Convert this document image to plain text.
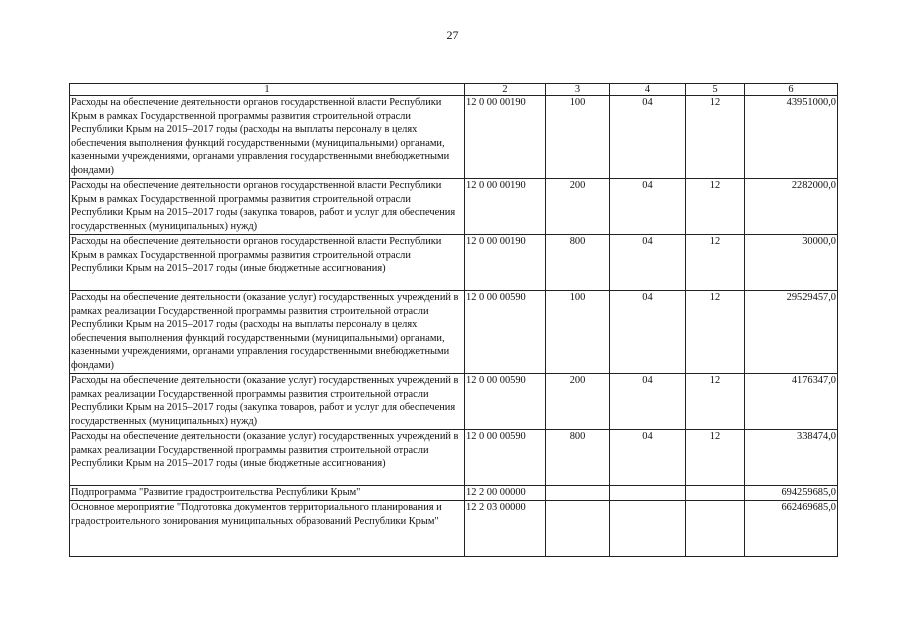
27
1	2	3	4	5	6
Расходы на обеспечение деятельности органов государственной власти Республики Крым в рамках Государственной программы развития строительной отрасли Республики Крым на 2015–2017 годы (расходы на выплаты персоналу в целях обеспечения выполнения функций государственными (муниципальными) органами, казенными учреждениями, органами управления государственными внебюджетными фондами)	12 0 00 00190	100	04	12	43951000,0
Расходы на обеспечение деятельности органов государственной власти Республики Крым в рамках Государственной программы развития строительной отрасли Республики Крым на 2015–2017 годы (закупка товаров, работ и услуг для обеспечения государственных (муниципальных) нужд)	12 0 00 00190	200	04	12	2282000,0
Расходы на обеспечение деятельности органов государственной власти Республики Крым в рамках Государственной программы развития строительной отрасли Республики Крым на 2015–2017 годы (иные бюджетные ассигнования)	12 0 00 00190	800	04	12	30000,0
Расходы на обеспечение деятельности (оказание услуг) государственных учреждений в рамках реализации Государственной программы развития строительной отрасли Республики Крым на 2015–2017 годы (расходы на выплаты персоналу в целях обеспечения выполнения функций государственными (муниципальными) органами, казенными учреждениями, органами управления государственными внебюджетными фондами)	12 0 00 00590	100	04	12	29529457,0
Расходы на обеспечение деятельности (оказание услуг) государственных учреждений в рамках реализации Государственной программы развития строительной отрасли Республики Крым на 2015–2017 годы (закупка товаров, работ и услуг для обеспечения государственных (муниципальных) нужд)	12 0 00 00590	200	04	12	4176347,0
Расходы на обеспечение деятельности (оказание услуг) государственных учреждений в рамках реализации Государственной программы развития строительной отрасли Республики Крым на 2015–2017 годы (иные бюджетные ассигнования)	12 0 00 00590	800	04	12	338474,0
Подпрограмма "Развитие градостроительства Республики Крым"	12 2 00 00000				694259685,0
Основное мероприятие "Подготовка документов территориального планирования и градостроительного зонирования муниципальных образований Республики Крым"	12 2 03 00000				662469685,0
